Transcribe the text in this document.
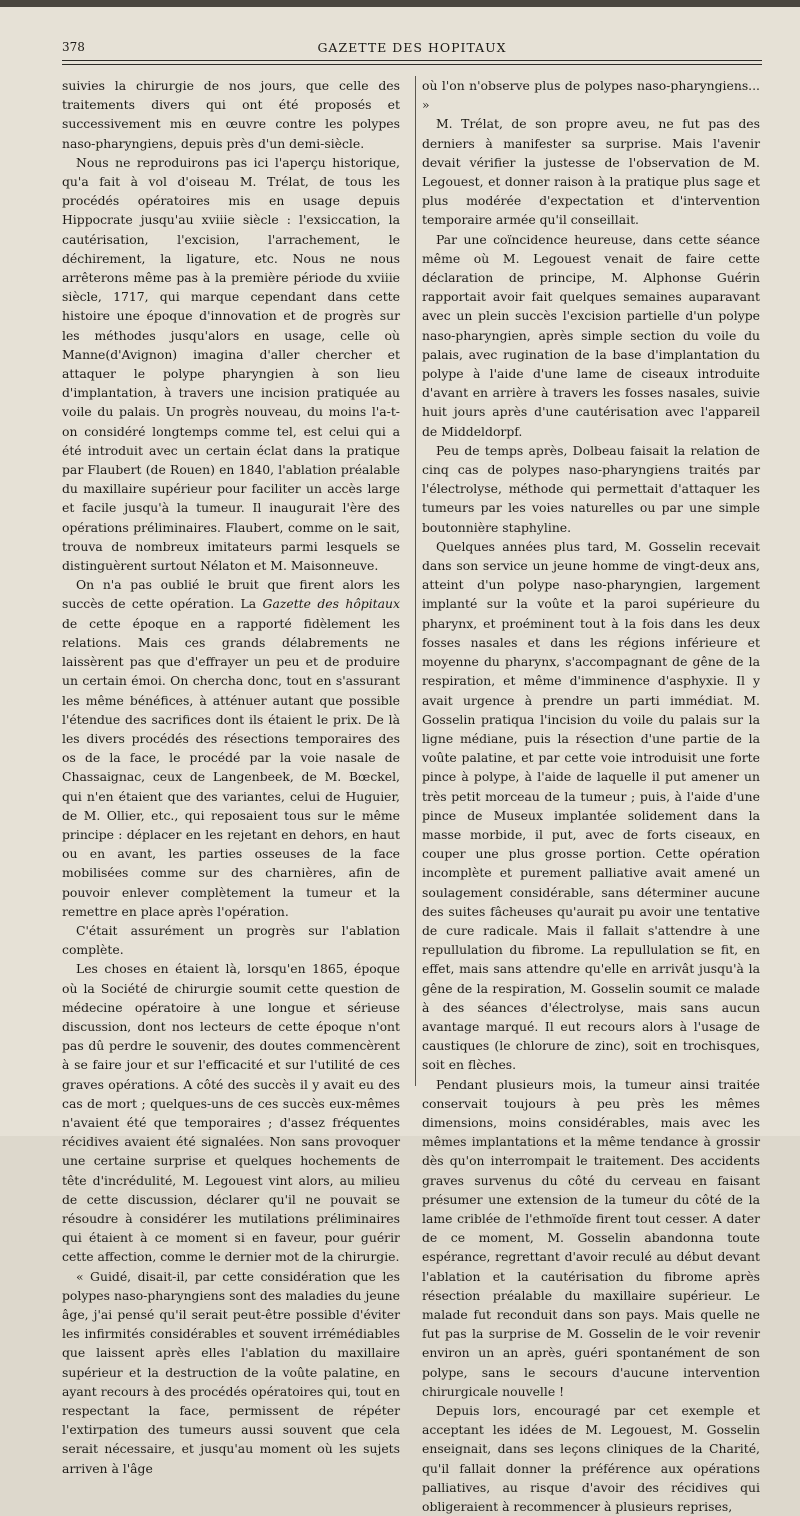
378	GAZETTE DES HOPITAUX

suivies la chirurgie de nos jours, que celle des traitements divers qui ont été proposés et successivement mis en œuvre contre les polypes naso-pharyngiens, depuis près d'un demi-siècle.

Nous ne reproduirons pas ici l'aperçu historique, qu'a fait à vol d'oiseau M. Trélat, de tous les procédés opératoires mis en usage depuis Hippocrate jusqu'au xviiie siècle : l'exsiccation, la cautérisation, l'excision, l'arrachement, le déchirement, la ligature, etc. Nous ne nous arrêterons même pas à la première période du xviiie siècle, 1717, qui marque cependant dans cette histoire une époque d'innovation et de progrès sur les méthodes jusqu'alors en usage, celle où Manne(d'Avignon) imagina d'aller chercher et attaquer le polype pharyngien à son lieu d'implantation, à travers une incision pratiquée au voile du palais. Un progrès nouveau, du moins l'a-t-on considéré longtemps comme tel, est celui qui a été introduit avec un certain éclat dans la pratique par Flaubert (de Rouen) en 1840, l'ablation préalable du maxillaire supérieur pour faciliter un accès large et facile jusqu'à la tumeur. Il inaugurait l'ère des opérations préliminaires. Flaubert, comme on le sait, trouva de nombreux imitateurs parmi lesquels se distinguèrent surtout Nélaton et M. Maisonneuve.

On n'a pas oublié le bruit que firent alors les succès de cette opération. La Gazette des hôpitaux de cette époque en a rapporté fidèlement les relations. Mais ces grands délabrements ne laissèrent pas que d'effrayer un peu et de produire un certain émoi. On chercha donc, tout en s'assurant les même bénéfices, à atténuer autant que possible l'étendue des sacrifices dont ils étaient le prix. De là les divers procédés des résections temporaires des os de la face, le procédé par la voie nasale de Chassaignac, ceux de Langenbeek, de M. Bœckel, qui n'en étaient que des variantes, celui de Huguier, de M. Ollier, etc., qui reposaient tous sur le même principe : déplacer en les rejetant en dehors, en haut ou en avant, les parties osseuses de la face mobilisées comme sur des charnières, afin de pouvoir enlever complètement la tumeur et la remettre en place après l'opération.

C'était assurément un progrès sur l'ablation complète.

Les choses en étaient là, lorsqu'en 1865, époque où la Société de chirurgie soumit cette question de médecine opératoire à une longue et sérieuse discussion, dont nos lecteurs de cette époque n'ont pas dû perdre le souvenir, des doutes commencèrent à se faire jour et sur l'efficacité et sur l'utilité de ces graves opérations. A côté des succès il y avait eu des cas de mort ; quelques-uns de ces succès eux-mêmes n'avaient été que temporaires ; d'assez fréquentes récidives avaient été signalées. Non sans provoquer une certaine surprise et quelques hochements de tête d'incrédulité, M. Legouest vint alors, au milieu de cette discussion, déclarer qu'il ne pouvait se résoudre à considérer les mutilations préliminaires qui étaient à ce moment si en faveur, pour guérir cette affection, comme le dernier mot de la chirurgie.

« Guidé, disait-il, par cette considération que les polypes naso-pharyngiens sont des maladies du jeune âge, j'ai pensé qu'il serait peut-être possible d'éviter les infirmités considérables et souvent irrémédiables que laissent après elles l'ablation du maxillaire supérieur et la destruction de la voûte palatine, en ayant recours à des procédés opératoires qui, tout en respectant la face, permissent de répéter l'extirpation des tumeurs aussi souvent que cela serait nécessaire, et jusqu'au moment où les sujets arriven à l'âge

où l'on n'observe plus de polypes naso-pharyngiens... »

M. Trélat, de son propre aveu, ne fut pas des derniers à manifester sa surprise. Mais l'avenir devait vérifier la justesse de l'observation de M. Legouest, et donner raison à la pratique plus sage et plus modérée d'expectation et d'intervention temporaire armée qu'il conseillait.

Par une coïncidence heureuse, dans cette séance même où M. Legouest venait de faire cette déclaration de principe, M. Alphonse Guérin rapportait avoir fait quelques semaines auparavant avec un plein succès l'excision partielle d'un polype naso-pharyngien, après simple section du voile du palais, avec rugination de la base d'implantation du polype à l'aide d'une lame de ciseaux introduite d'avant en arrière à travers les fosses nasales, suivie huit jours après d'une cautérisation avec l'appareil de Middeldorpf.

Peu de temps après, Dolbeau faisait la relation de cinq cas de polypes naso-pharyngiens traités par l'électrolyse, méthode qui permettait d'attaquer les tumeurs par les voies naturelles ou par une simple boutonnière staphyline.

Quelques années plus tard, M. Gosselin recevait dans son service un jeune homme de vingt-deux ans, atteint d'un polype naso-pharyngien, largement implanté sur la voûte et la paroi supérieure du pharynx, et proéminent tout à la fois dans les deux fosses nasales et dans les régions inférieure et moyenne du pharynx, s'accompagnant de gêne de la respiration, et même d'imminence d'asphyxie. Il y avait urgence à prendre un parti immédiat. M. Gosselin pratiqua l'incision du voile du palais sur la ligne médiane, puis la résection d'une partie de la voûte palatine, et par cette voie introduisit une forte pince à polype, à l'aide de laquelle il put amener un très petit morceau de la tumeur ; puis, à l'aide d'une pince de Museux implantée solidement dans la masse morbide, il put, avec de forts ciseaux, en couper une plus grosse portion. Cette opération incomplète et purement palliative avait amené un soulagement considérable, sans déterminer aucune des suites fâcheuses qu'aurait pu avoir une tentative de cure radicale. Mais il fallait s'attendre à une repullulation du fibrome. La repullulation se fit, en effet, mais sans attendre qu'elle en arrivât jusqu'à la gêne de la respiration, M. Gosselin soumit ce malade à des séances d'électrolyse, mais sans aucun avantage marqué. Il eut recours alors à l'usage de caustiques (le chlorure de zinc), soit en trochisques, soit en flèches.

Pendant plusieurs mois, la tumeur ainsi traitée conservait toujours à peu près les mêmes dimensions, moins considérables, mais avec les mêmes implantations et la même tendance à grossir dès qu'on interrompait le traitement. Des accidents graves survenus du côté du cerveau en faisant présumer une extension de la tumeur du côté de la lame criblée de l'ethmoïde firent tout cesser. A dater de ce moment, M. Gosselin abandonna toute espérance, regrettant d'avoir reculé au début devant l'ablation et la cautérisation du fibrome après résection préalable du maxillaire supérieur. Le malade fut reconduit dans son pays. Mais quelle ne fut pas la surprise de M. Gosselin de le voir revenir environ un an après, guéri spontanément de son polype, sans le secours d'aucune intervention chirurgicale nouvelle !

Depuis lors, encouragé par cet exemple et acceptant les idées de M. Legouest, M. Gosselin enseignait, dans ses leçons cliniques de la Charité, qu'il fallait donner la préférence aux opérations palliatives, au risque d'avoir des récidives qui obligeraient à recommencer à plusieurs reprises,
